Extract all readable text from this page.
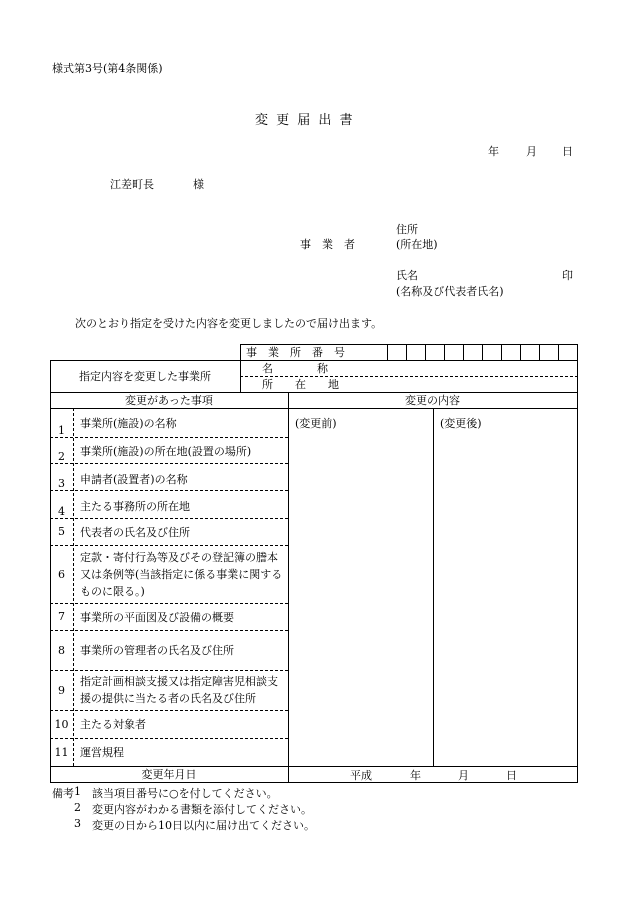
様式第3号(第4条関係)
変 更 届 出 書
年 月 日
江差町長	様
住所
事　業　者	(所在地)
氏名	印
(名称及び代表者氏名)
次のとおり指定を受けた内容を変更しましたので届け出ます。
事　業　所　番　号
指定内容を変更した事業所
名　　　　称
所　　在　　地
変更があった事項	変更の内容
(変更前)	(変更後)
1
事業所(施設)の名称
2 事業所(施設)の所在地(設置の場所)
3 申請者(設置者)の名称
4 主たる事務所の所在地
5 代表者の氏名及び住所
6
定款・寄付行為等及びその登記簿の謄本又は条例等(当該指定に係る事業に関するものに限る。)
7 事業所の平面図及び設備の概要
8 事業所の管理者の氏名及び住所
9
指定計画相談支援又は指定障害児相談支援の提供に当たる者の氏名及び住所
10 主たる対象者
11 運営規程
変更年月日	平成	年	月	日
備考 1 該当項目番号に○を付してください。
2 変更内容がわかる書類を添付してください。
3 変更の日から10日以内に届け出てください。
